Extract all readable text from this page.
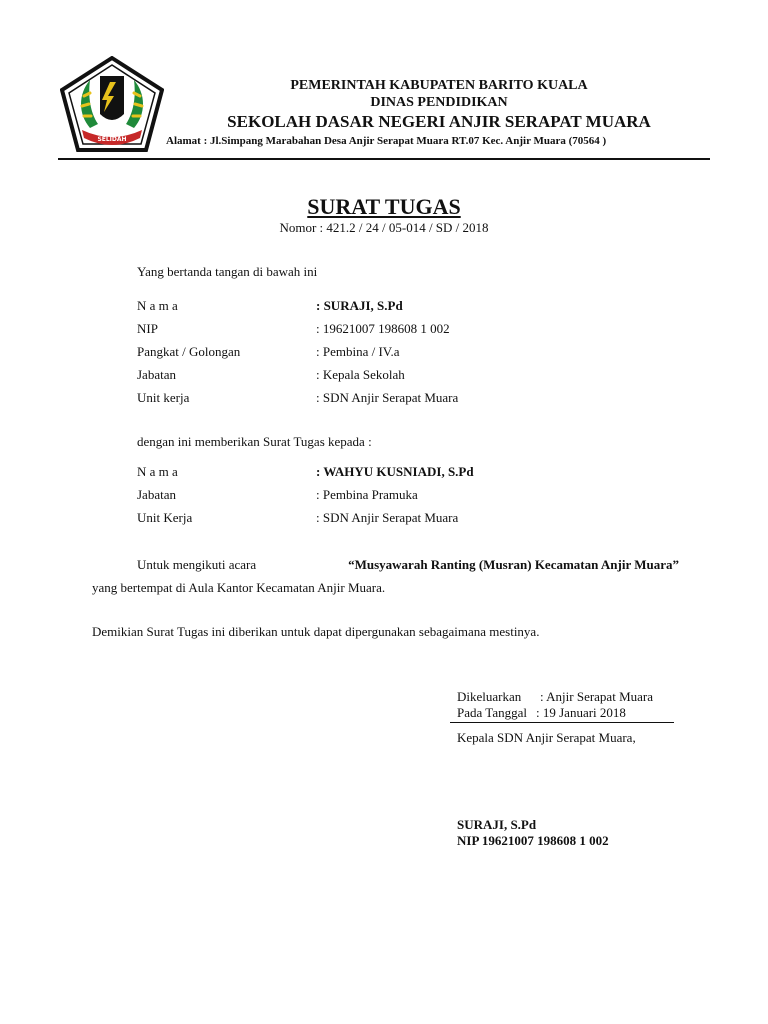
SELIDAH
PEMERINTAH KABUPATEN BARITO KUALA
DINAS PENDIDIKAN
SEKOLAH DASAR NEGERI ANJIR SERAPAT MUARA
Alamat : Jl.Simpang Marabahan Desa Anjir Serapat Muara RT.07 Kec. Anjir Muara (70564 )
SURAT TUGAS
Nomor : 421.2 / 24 / 05-014 / SD / 2018
Yang bertanda tangan di bawah ini
N a m a	: SURAJI, S.Pd
NIP	: 19621007 198608 1 002
Pangkat / Golongan	: Pembina / IV.a
Jabatan	: Kepala Sekolah
Unit kerja	: SDN Anjir Serapat Muara
dengan ini memberikan Surat Tugas kepada :
N a m a	: WAHYU KUSNIADI, S.Pd
Jabatan	: Pembina Pramuka
Unit Kerja	: SDN Anjir Serapat Muara
Untuk mengikuti acara	“Musyawarah Ranting (Musran) Kecamatan Anjir Muara”
yang bertempat di Aula Kantor Kecamatan Anjir Muara.
Demikian Surat Tugas ini diberikan untuk dapat dipergunakan sebagaimana mestinya.
Dikeluarkan : Anjir Serapat Muara
Pada Tanggal : 19 Januari 2018
Kepala SDN Anjir Serapat Muara,
SURAJI, S.Pd
NIP 19621007 198608 1 002
